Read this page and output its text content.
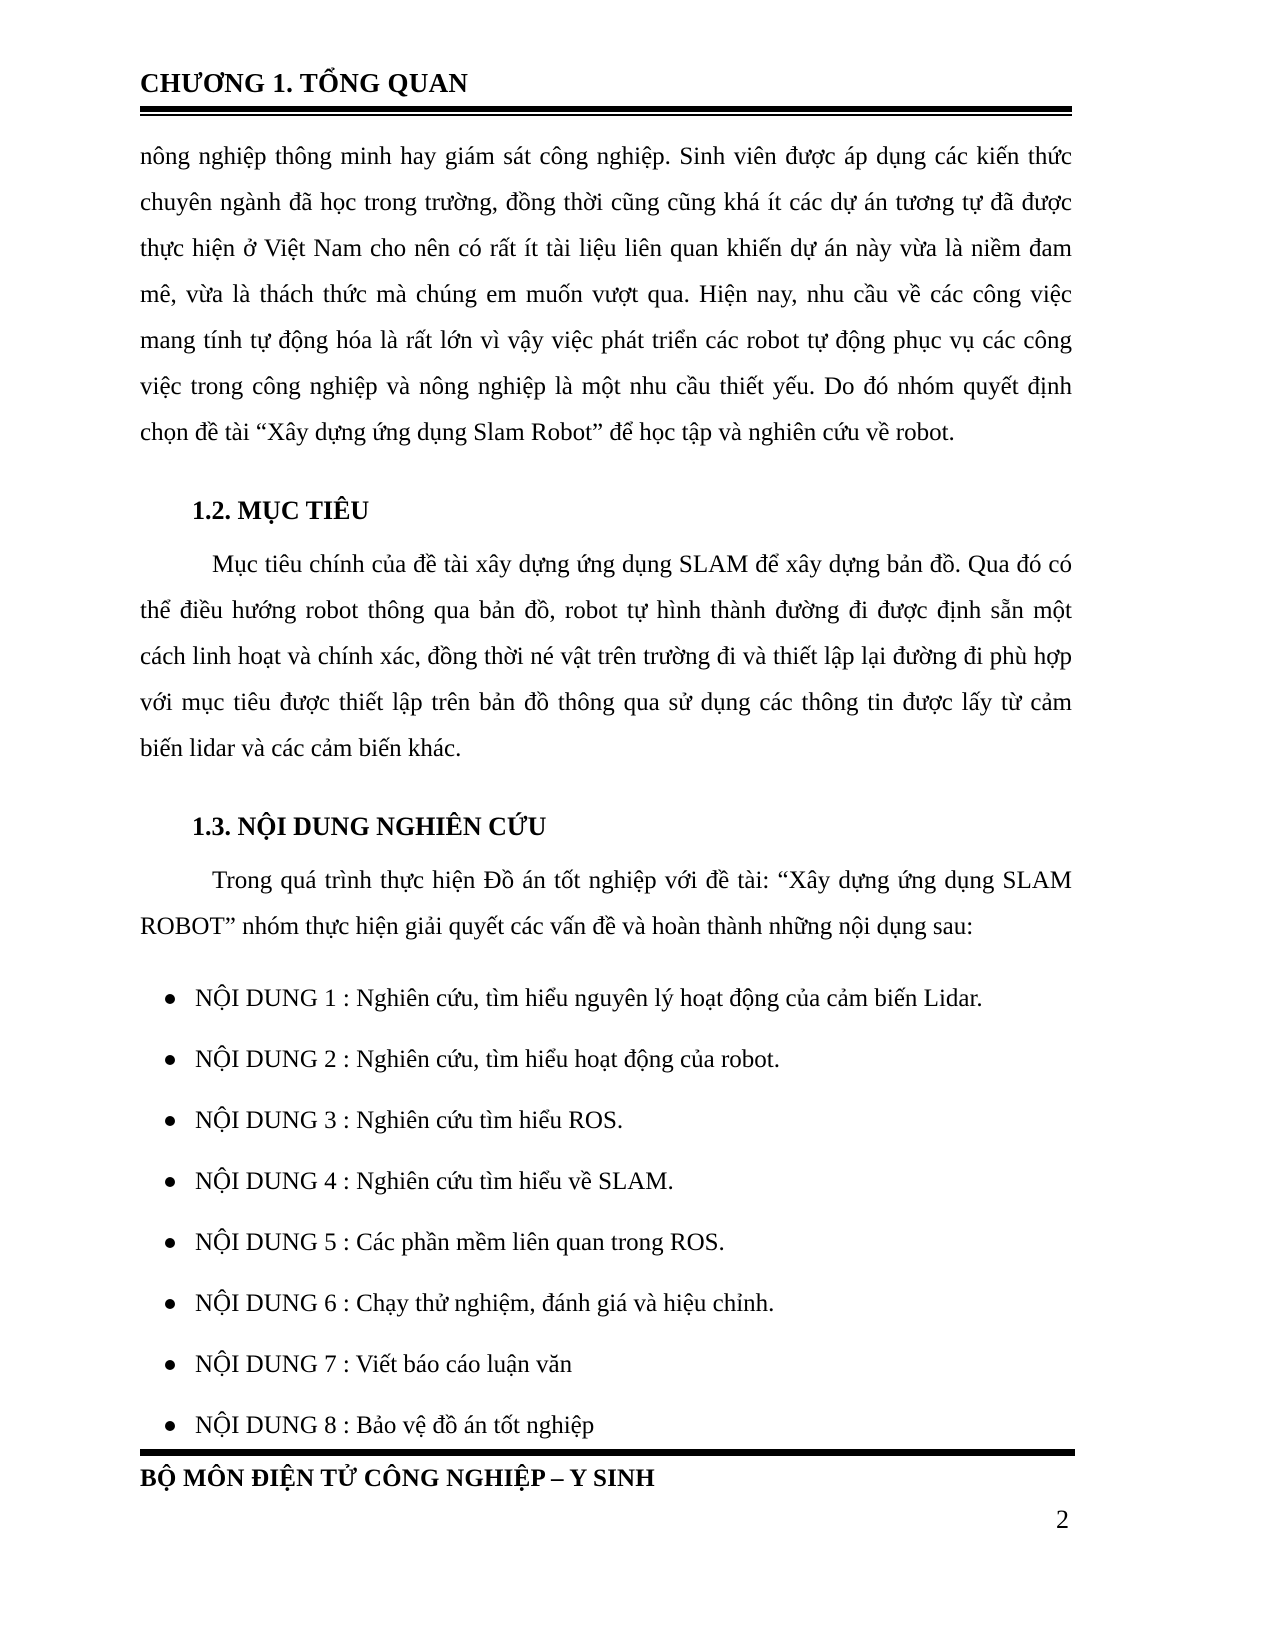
CHƯƠNG 1. TỔNG QUAN

nông nghiệp thông minh hay giám sát công nghiệp. Sinh viên được áp dụng các kiến thức chuyên ngành đã học trong trường, đồng thời cũng cũng khá ít các dự án tương tự đã được thực hiện ở Việt Nam cho nên có rất ít tài liệu liên quan khiến dự án này vừa là niềm đam mê, vừa là thách thức mà chúng em muốn vượt qua. Hiện nay, nhu cầu về các công việc mang tính tự động hóa là rất lớn vì vậy việc phát triển các robot tự động phục vụ các công việc trong công nghiệp và nông nghiệp là một nhu cầu thiết yếu. Do đó nhóm quyết định chọn đề tài “Xây dựng ứng dụng Slam Robot” để học tập và nghiên cứu về robot.

1.2. MỤC TIÊU

Mục tiêu chính của đề tài xây dựng ứng dụng SLAM để xây dựng bản đồ. Qua đó có thể điều hướng robot thông qua bản đồ, robot tự hình thành đường đi được định sẵn một cách linh hoạt và chính xác, đồng thời né vật trên trường đi và thiết lập lại đường đi phù hợp với mục tiêu được thiết lập trên bản đồ thông qua sử dụng các thông tin được lấy từ cảm biến lidar và các cảm biến khác.

1.3. NỘI DUNG NGHIÊN CỨU

Trong quá trình thực hiện Đồ án tốt nghiệp với đề tài: “Xây dựng ứng dụng SLAM ROBOT” nhóm thực hiện giải quyết các vấn đề và hoàn thành những nội dụng sau:

NỘI DUNG 1 : Nghiên cứu, tìm hiểu nguyên lý hoạt động của cảm biến Lidar.
NỘI DUNG 2 : Nghiên cứu, tìm hiểu hoạt động của robot.
NỘI DUNG 3 : Nghiên cứu tìm hiểu ROS.
NỘI DUNG 4 : Nghiên cứu tìm hiểu về SLAM.
NỘI DUNG 5 : Các phần mềm liên quan trong ROS.
NỘI DUNG 6 : Chạy thử nghiệm, đánh giá và hiệu chỉnh.
NỘI DUNG 7 : Viết báo cáo luận văn
NỘI DUNG 8 : Bảo vệ đồ án tốt nghiệp
BỘ MÔN ĐIỆN TỬ CÔNG NGHIỆP – Y SINH
2
